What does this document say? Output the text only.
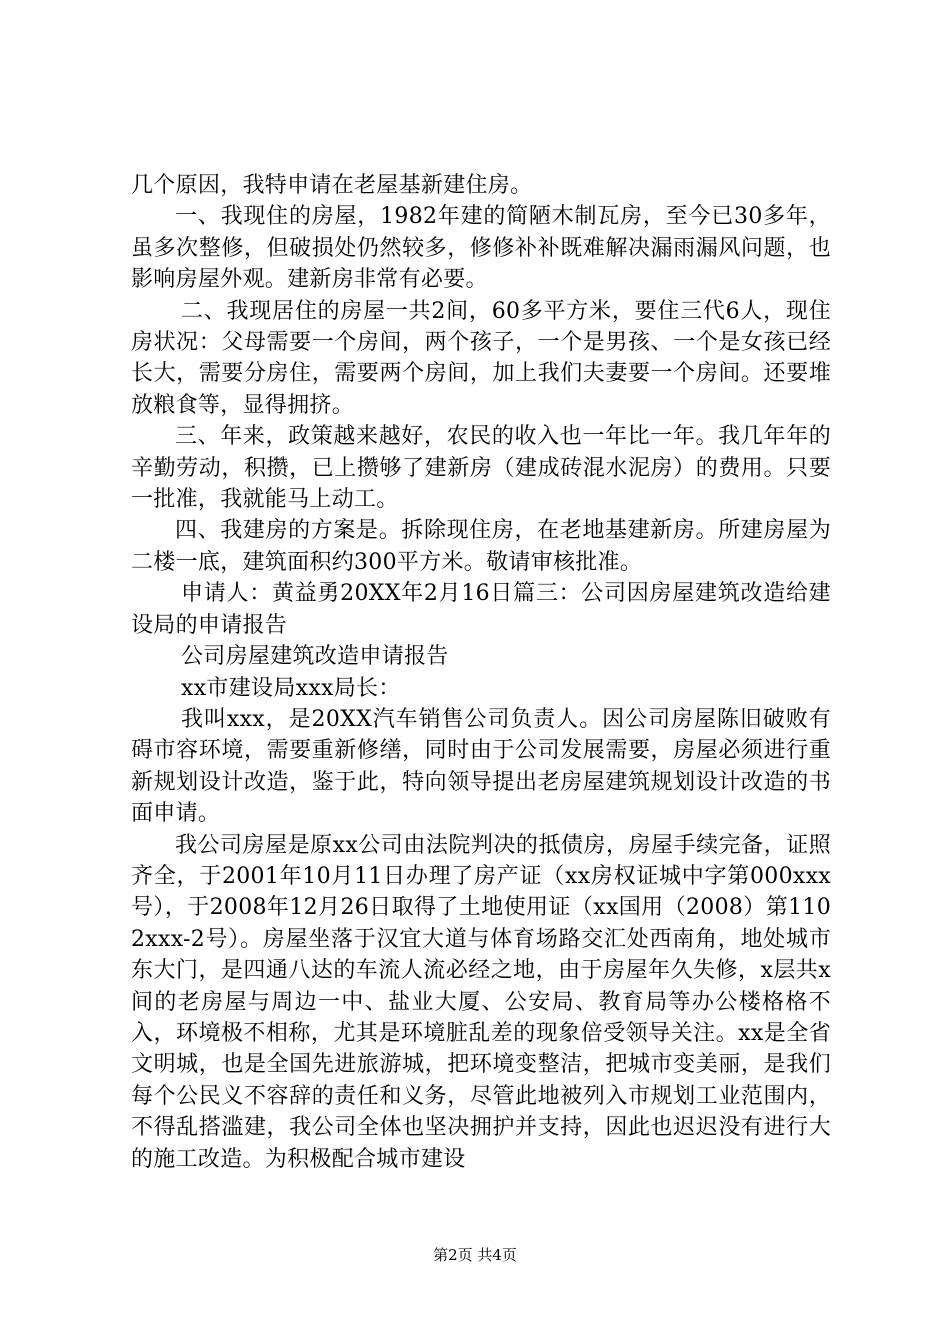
几个原因，我特申请在老屋基新建住房。

一、我现住的房屋，1982年建的简陋木制瓦房，至今已30多年，虽多次整修，但破损处仍然较多，修修补补既难解决漏雨漏风问题，也影响房屋外观。建新房非常有必要。

二、我现居住的房屋一共2间，60多平方米，要住三代6人，现住房状况：父母需要一个房间，两个孩子，一个是男孩、一个是女孩已经长大，需要分房住，需要两个房间，加上我们夫妻要一个房间。还要堆放粮食等，显得拥挤。

三、年来，政策越来越好，农民的收入也一年比一年。我几年年的辛勤劳动，积攒，已上攒够了建新房（建成砖混水泥房）的费用。只要一批准，我就能马上动工。

四、我建房的方案是。拆除现住房，在老地基建新房。所建房屋为二楼一底，建筑面积约300平方米。敬请审核批准。

申请人：黄益勇20XX年2月16日篇三：公司因房屋建筑改造给建设局的申请报告

公司房屋建筑改造申请报告

xx市建设局xxx局长：

我叫xxx，是20XX汽车销售公司负责人。因公司房屋陈旧破败有碍市容环境，需要重新修缮，同时由于公司发展需要，房屋必须进行重新规划设计改造，鉴于此，特向领导提出老房屋建筑规划设计改造的书面申请。

我公司房屋是原xx公司由法院判决的抵债房，房屋手续完备，证照齐全，于2001年10月11日办理了房产证（xx房权证城中字第000xxx号），于2008年12月26日取得了土地使用证（xx国用（2008）第1102xxx-2号）。房屋坐落于汉宜大道与体育场路交汇处西南角，地处城市东大门，是四通八达的车流人流必经之地，由于房屋年久失修，x层共x间的老房屋与周边一中、盐业大厦、公安局、教育局等办公楼格格不入，环境极不相称，尤其是环境脏乱差的现象倍受领导关注。xx是全省文明城，也是全国先进旅游城，把环境变整洁，把城市变美丽，是我们每个公民义不容辞的责任和义务，尽管此地被列入市规划工业范围内，不得乱搭滥建，我公司全体也坚决拥护并支持，因此也迟迟没有进行大的施工改造。为积极配合城市建设

第2页 共4页
